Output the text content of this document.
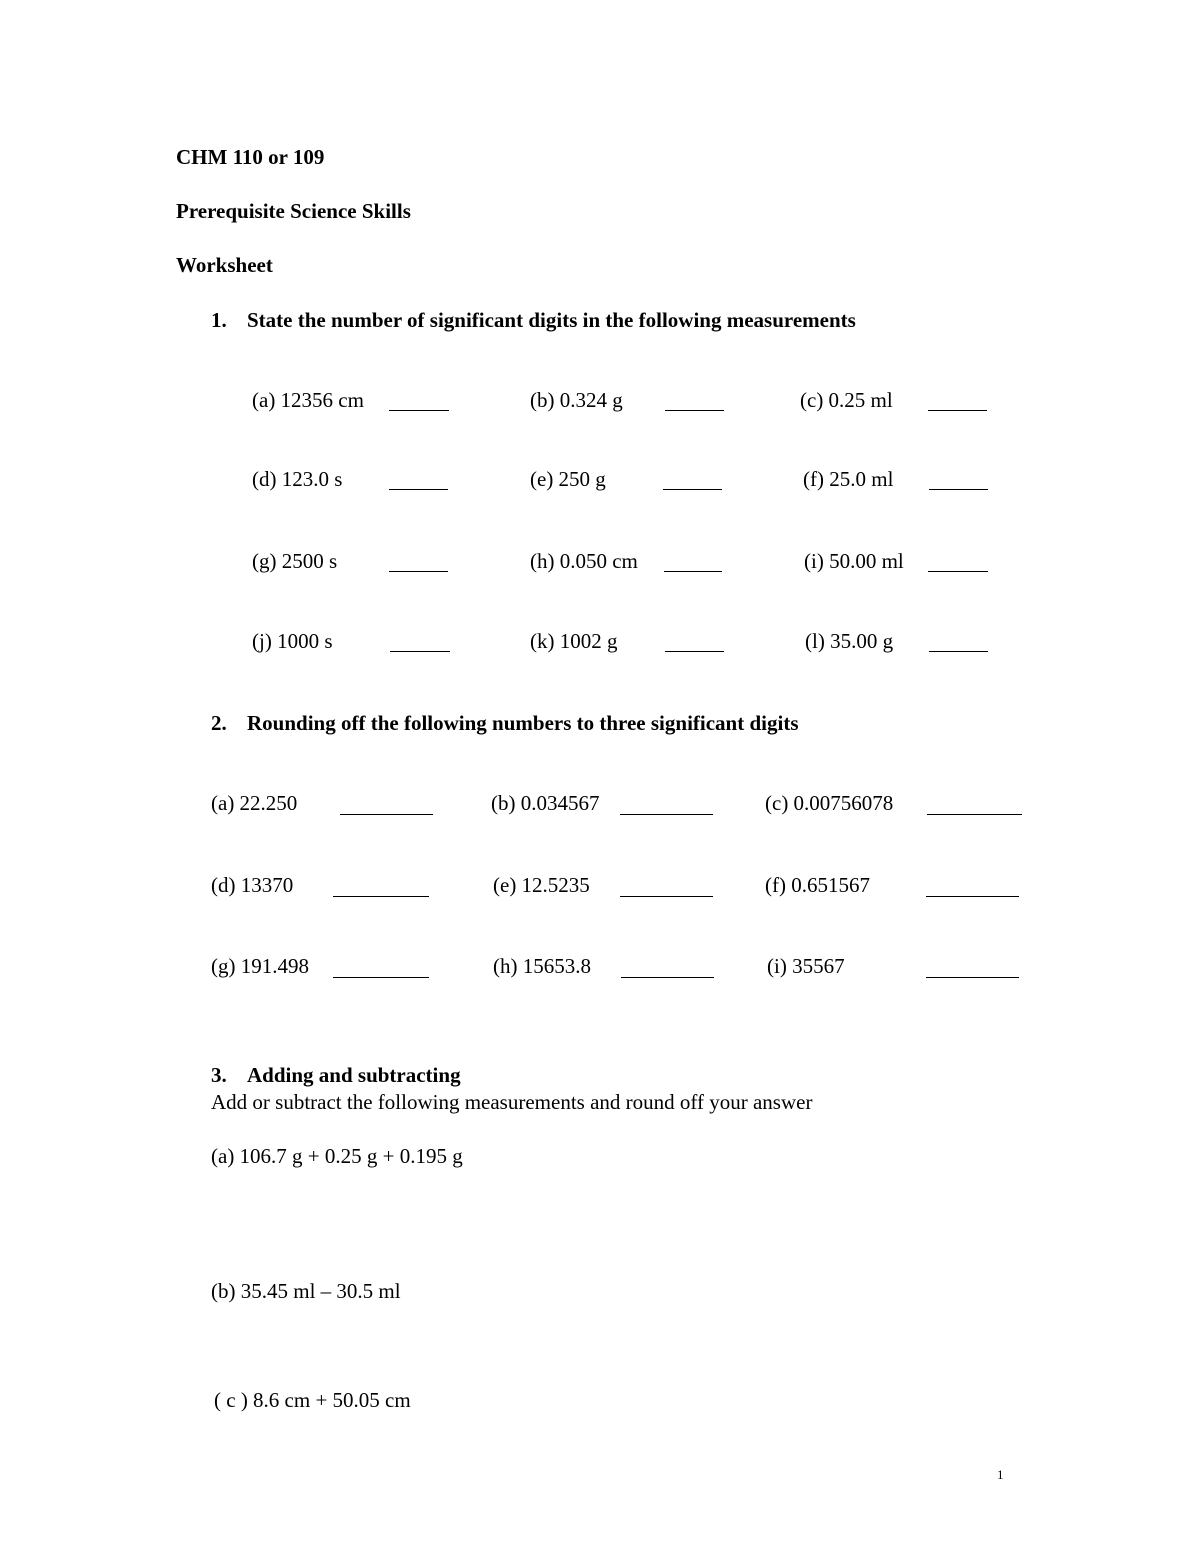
CHM 110 or 109
Prerequisite Science Skills
Worksheet
1. State the number of significant digits in the following measurements
(a) 12356 cm	(b) 0.324 g	(c) 0.25 ml
(d) 123.0 s	(e) 250 g	(f) 25.0 ml
(g) 2500 s	(h) 0.050 cm	(i) 50.00 ml
(j) 1000 s	(k) 1002 g	(l) 35.00 g
2. Rounding off the following numbers to three significant digits
(a) 22.250	(b) 0.034567	(c) 0.00756078
(d) 13370	(e) 12.5235	(f) 0.651567
(g) 191.498	(h) 15653.8	(i) 35567
3. Adding and subtracting
Add or subtract the following measurements and round off your answer
(a) 106.7 g + 0.25 g + 0.195 g
(b) 35.45 ml – 30.5 ml
( c ) 8.6 cm + 50.05 cm
1
